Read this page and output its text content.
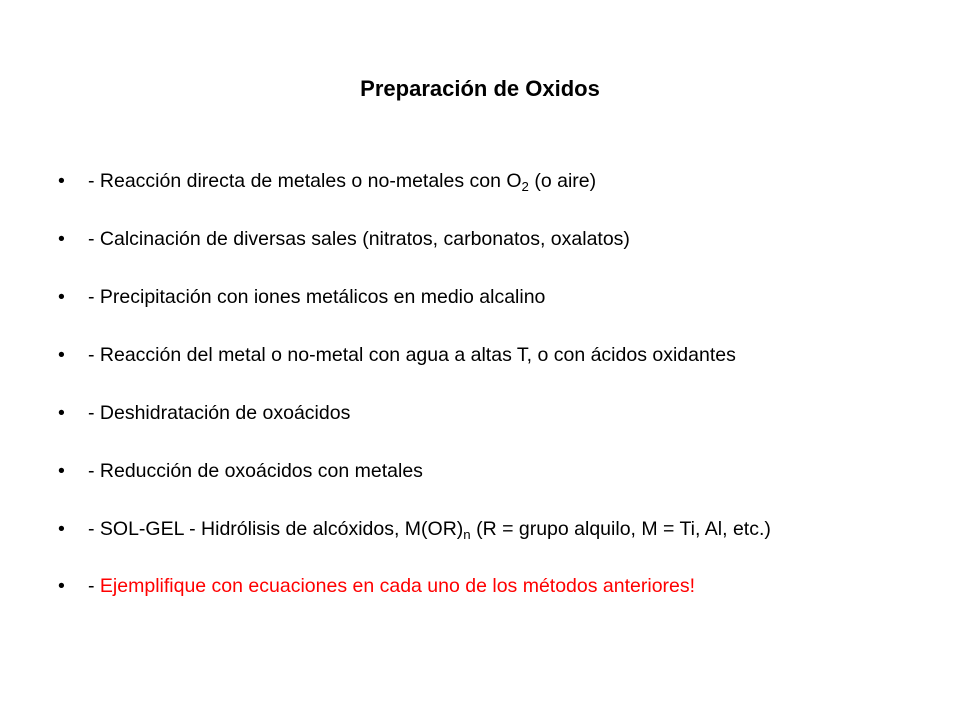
Preparación de Oxidos
• - Reacción directa de metales o no-metales con $O_2$ (o aire)
• - Calcinación de diversas sales (nitratos, carbonatos, oxalatos)
• - Precipitación con iones metálicos en medio alcalino
• - Reacción del metal o no-metal con agua a altas T, o con ácidos oxidantes
• - Deshidratación de oxoácidos
• - Reducción de oxoácidos con metales
• - SOL-GEL - Hidrólisis de alcóxidos, $M(OR)_n$ (R = grupo alquilo, M = Ti, Al, etc.)
• - Ejemplifique con ecuaciones en cada uno de los métodos anteriores!
